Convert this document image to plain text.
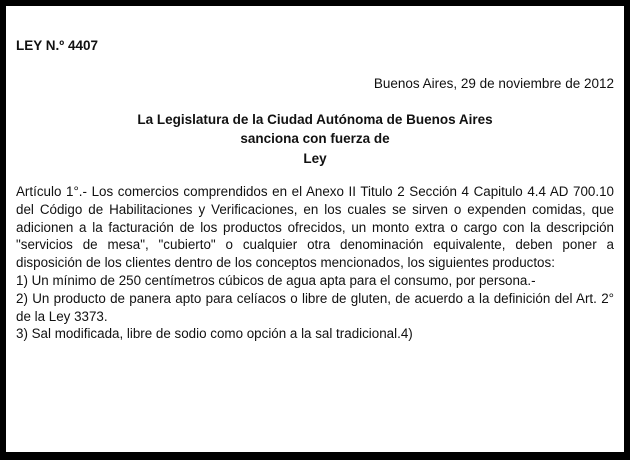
LEY N.º 4407
Buenos Aires, 29 de noviembre de 2012
La Legislatura de la Ciudad Autónoma de Buenos Aires
sanciona con fuerza de
Ley

Artículo 1°.- Los comercios comprendidos en el Anexo II Titulo 2 Sección 4 Capitulo 4.4 AD 700.10 del Código de Habilitaciones y Verificaciones, en los cuales se sirven o expenden comidas, que adicionen a la facturación de los productos ofrecidos, un monto extra o cargo con la descripción "servicios de mesa", "cubierto" o cualquier otra denominación equivalente, deben poner a disposición de los clientes dentro de los conceptos mencionados, los siguientes productos:

1) Un mínimo de 250 centímetros cúbicos de agua apta para el consumo, por persona.-

2) Un producto de panera apto para celíacos o libre de gluten, de acuerdo a la definición del Art. 2° de la Ley 3373.

3) Sal modificada, libre de sodio como opción a la sal tradicional.4)
